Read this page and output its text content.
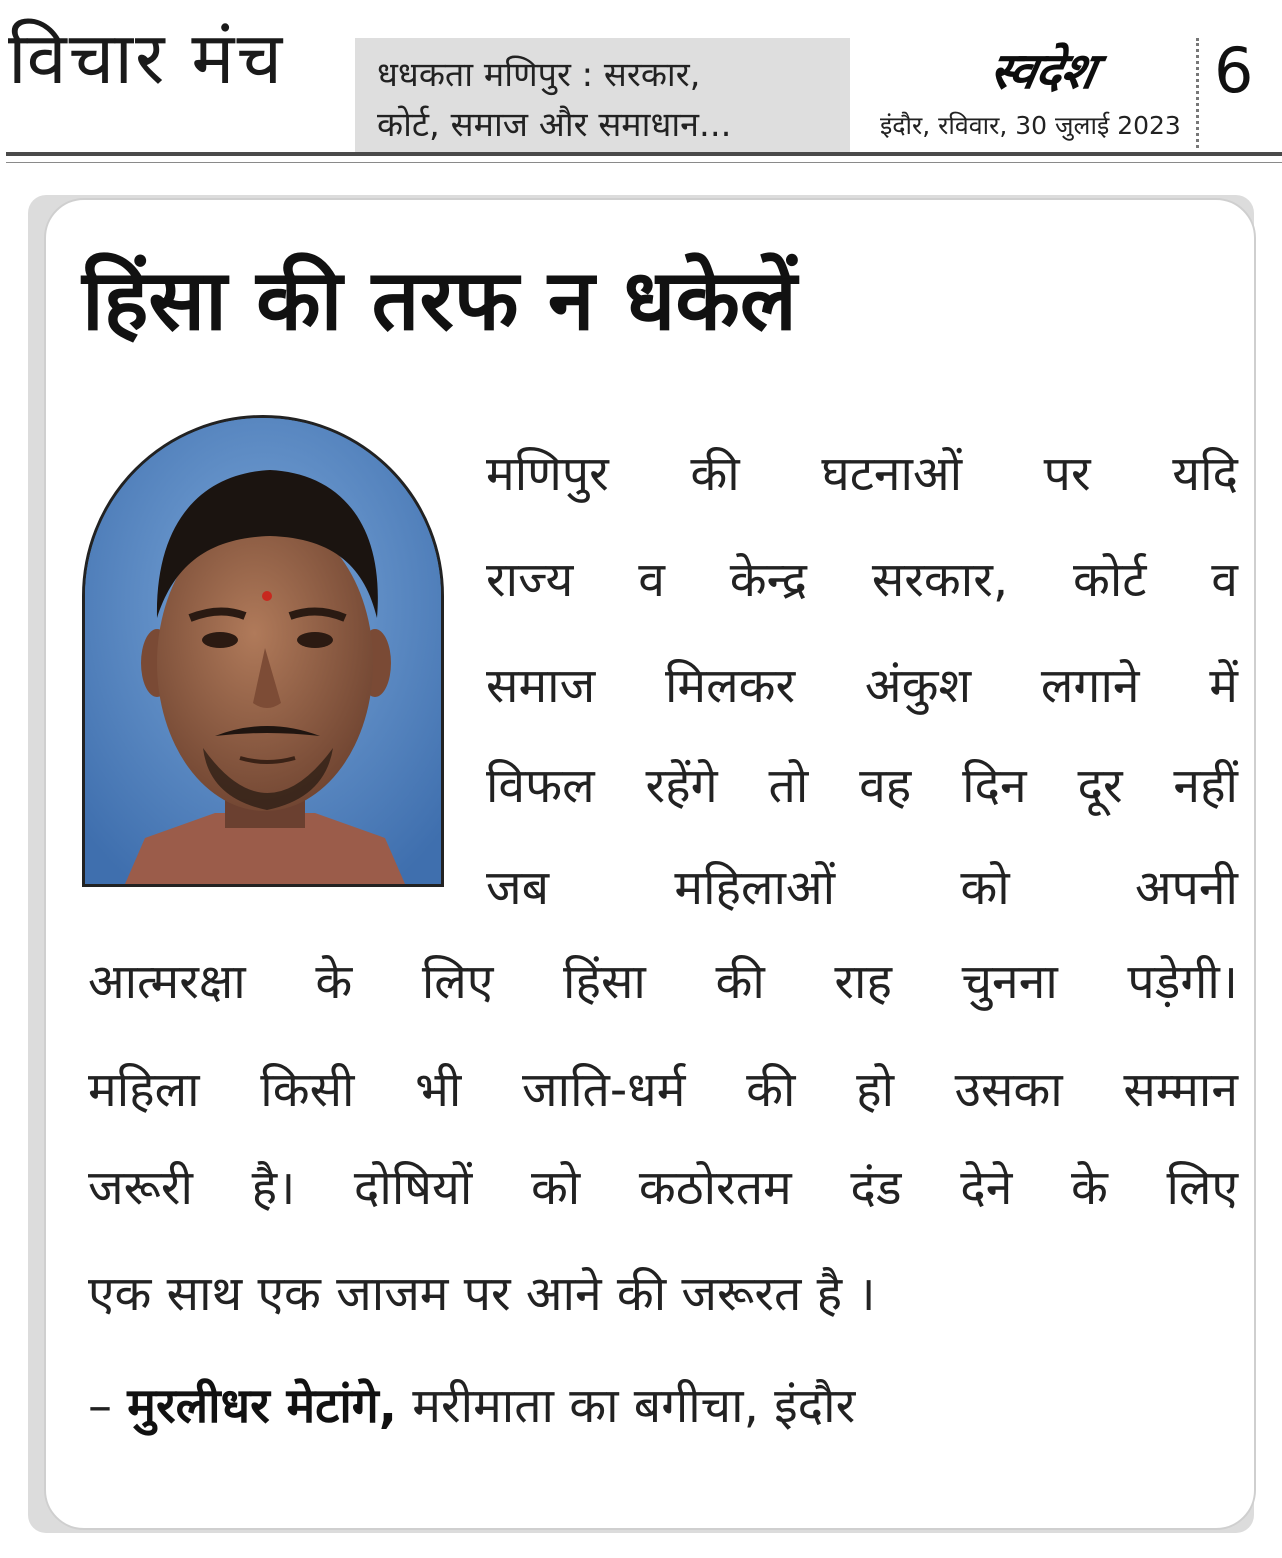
विचार मंच	धधकता मणिपुर : सरकार,
कोर्ट, समाज और समाधान...
स्वदेश
इंदौर, रविवार, 30 जुलाई 2023
6
हिंसा की तरफ न धकेलें
मणिपुर की घटनाओं पर यदि
राज्य व केन्द्र सरकार, कोर्ट व
समाज मिलकर अंकुश लगाने में
विफल रहेंगे तो वह दिन दूर नहीं
जब महिलाओं को अपनी
आत्मरक्षा के लिए हिंसा की राह चुनना पड़ेगी।
महिला किसी भी जाति-धर्म की हो उसका सम्मान
जरूरी है। दोषियों को कठोरतम दंड देने के लिए
एक साथ एक जाजम पर आने की जरूरत है ।
– मुरलीधर मेटांगे, मरीमाता का बगीचा, इंदौर
